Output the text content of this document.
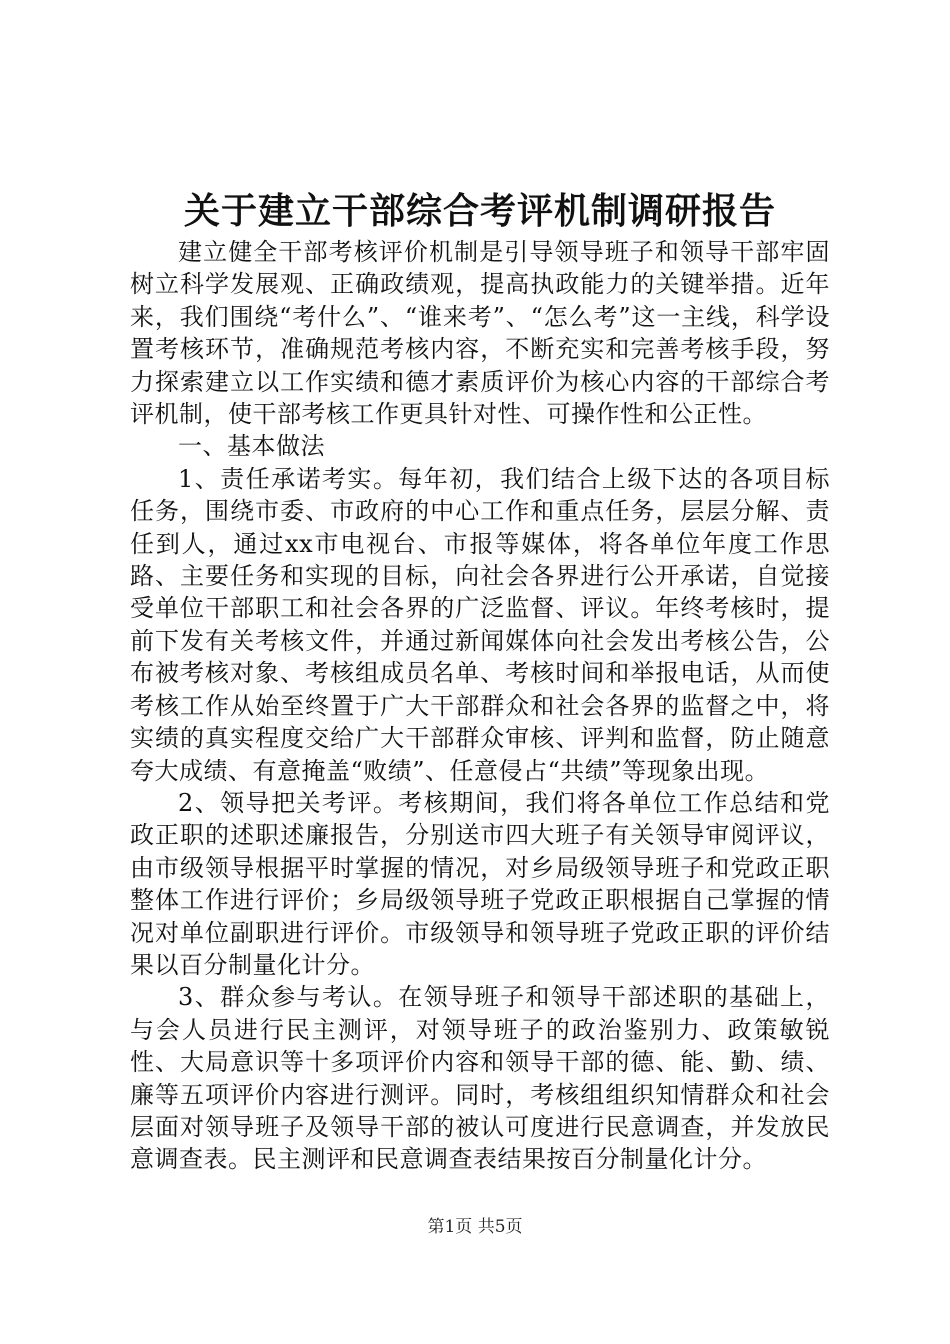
关于建立干部综合考评机制调研报告

建立健全干部考核评价机制是引导领导班子和领导干部牢固树立科学发展观、正确政绩观，提高执政能力的关键举措。近年来，我们围绕“考什么”、“谁来考”、“怎么考”这一主线，科学设置考核环节，准确规范考核内容，不断充实和完善考核手段，努力探索建立以工作实绩和德才素质评价为核心内容的干部综合考评机制，使干部考核工作更具针对性、可操作性和公正性。

一、基本做法

1、责任承诺考实。每年初，我们结合上级下达的各项目标任务，围绕市委、市政府的中心工作和重点任务，层层分解、责任到人，通过xx市电视台、市报等媒体，将各单位年度工作思路、主要任务和实现的目标，向社会各界进行公开承诺，自觉接受单位干部职工和社会各界的广泛监督、评议。年终考核时，提前下发有关考核文件，并通过新闻媒体向社会发出考核公告，公布被考核对象、考核组成员名单、考核时间和举报电话，从而使考核工作从始至终置于广大干部群众和社会各界的监督之中，将实绩的真实程度交给广大干部群众审核、评判和监督，防止随意夸大成绩、有意掩盖“败绩”、任意侵占“共绩”等现象出现。

2、领导把关考评。考核期间，我们将各单位工作总结和党政正职的述职述廉报告，分别送市四大班子有关领导审阅评议，由市级领导根据平时掌握的情况，对乡局级领导班子和党政正职整体工作进行评价；乡局级领导班子党政正职根据自己掌握的情况对单位副职进行评价。市级领导和领导班子党政正职的评价结果以百分制量化计分。

3、群众参与考认。在领导班子和领导干部述职的基础上，与会人员进行民主测评，对领导班子的政治鉴别力、政策敏锐性、大局意识等十多项评价内容和领导干部的德、能、勤、绩、廉等五项评价内容进行测评。同时，考核组组织知情群众和社会层面对领导班子及领导干部的被认可度进行民意调查，并发放民意调查表。民主测评和民意调查表结果按百分制量化计分。

第1页 共5页
